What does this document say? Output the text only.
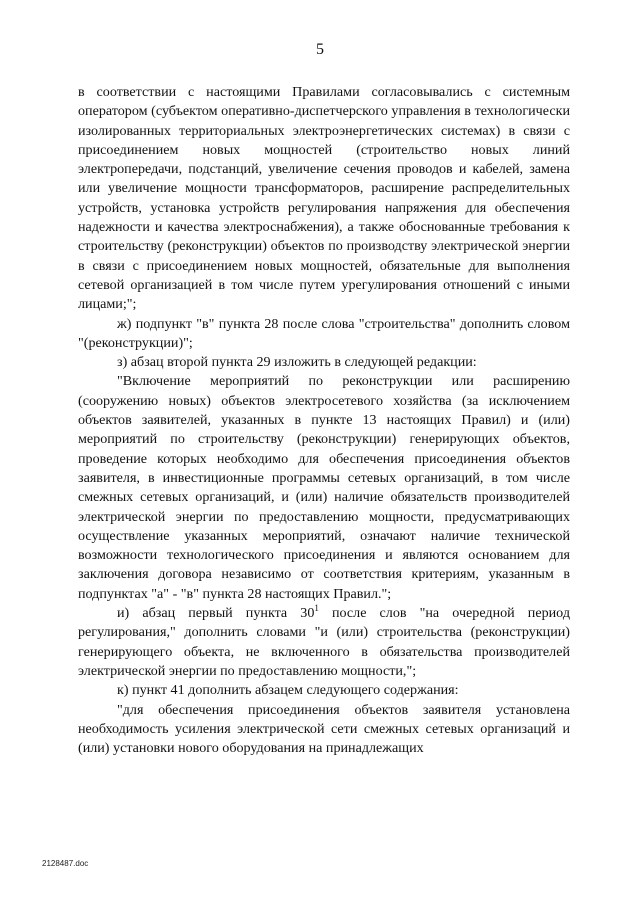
5

в соответствии с настоящими Правилами согласовывались с системным оператором (субъектом оперативно-диспетчерского управления в технологически изолированных территориальных электроэнергетических системах) в связи с присоединением новых мощностей (строительство новых линий электропередачи, подстанций, увеличение сечения проводов и кабелей, замена или увеличение мощности трансформаторов, расширение распределительных устройств, установка устройств регулирования напряжения для обеспечения надежности и качества электроснабжения), а также обоснованные требования к строительству (реконструкции) объектов по производству электрической энергии в связи с присоединением новых мощностей, обязательные для выполнения сетевой организацией в том числе путем урегулирования отношений с иными лицами;";

ж) подпункт "в" пункта 28 после слова "строительства" дополнить словом "(реконструкции)";

з) абзац второй пункта 29 изложить в следующей редакции:

"Включение мероприятий по реконструкции или расширению (сооружению новых) объектов электросетевого хозяйства (за исключением объектов заявителей, указанных в пункте 13 настоящих Правил) и (или) мероприятий по строительству (реконструкции) генерирующих объектов, проведение которых необходимо для обеспечения присоединения объектов заявителя, в инвестиционные программы сетевых организаций, в том числе смежных сетевых организаций, и (или) наличие обязательств производителей электрической энергии по предоставлению мощности, предусматривающих осуществление указанных мероприятий, означают наличие технической возможности технологического присоединения и являются основанием для заключения договора независимо от соответствия критериям, указанным в подпунктах "а" - "в" пункта 28 настоящих Правил.";

и) абзац первый пункта $30^1$ после слов "на очередной период регулирования," дополнить словами "и (или) строительства (реконструкции) генерирующего объекта, не включенного в обязательства производителей электрической энергии по предоставлению мощности,";

к) пункт 41 дополнить абзацем следующего содержания:

"для обеспечения присоединения объектов заявителя установлена необходимость усиления электрической сети смежных сетевых организаций и (или) установки нового оборудования на принадлежащих

2128487.doc
